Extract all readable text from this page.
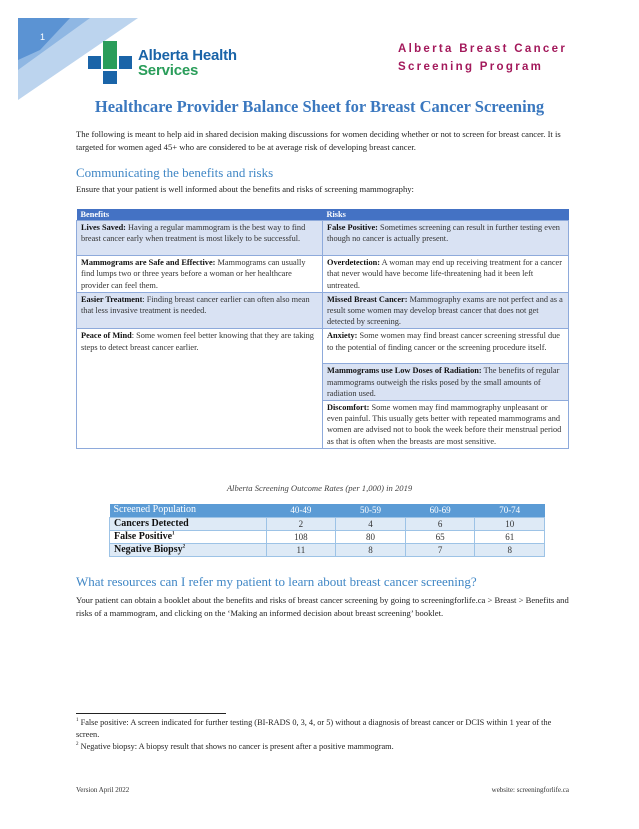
1
Alberta Health
Services
Alberta Breast Cancer
Screening Program
Healthcare Provider Balance Sheet for Breast Cancer Screening
The following is meant to help aid in shared decision making discussions for women deciding whether or not to screen for breast cancer. It is targeted for women aged 45+ who are considered to be at average risk of developing breast cancer.
Communicating the benefits and risks
Ensure that your patient is well informed about the benefits and risks of screening mammography:
Benefits	Risks
Lives Saved: Having a regular mammogram is the best way to find breast cancer early when treatment is most likely to be successful.	False Positive: Sometimes screening can result in further testing even though no cancer is actually present.
Mammograms are Safe and Effective: Mammograms can usually find lumps two or three years before a woman or her healthcare provider can feel them.	Overdetection: A woman may end up receiving treatment for a cancer that never would have become life-threatening had it been left untreated.
Easier Treatment: Finding breast cancer earlier can often also mean that less invasive treatment is needed.	Missed Breast Cancer: Mammography exams are not perfect and as a result some women may develop breast cancer that does not get detected by screening.
Peace of Mind: Some women feel better knowing that they are taking steps to detect breast cancer earlier.	Anxiety: Some women may find breast cancer screening stressful due to the potential of finding cancer or the screening procedure itself.
	Mammograms use Low Doses of Radiation: The benefits of regular mammograms outweigh the risks posed by the small amounts of radiation used.
	Discomfort: Some women may find mammography unpleasant or even painful. This usually gets better with repeated mammograms and women are advised not to book the week before their menstrual period as that is often when the breasts are most sensitive.
Alberta Screening Outcome Rates (per 1,000) in 2019
Screened Population	40-49	50-59	60-69	70-74
Cancers Detected	2	4	6	10
False Positive$^1$	108	80	65	61
Negative Biopsy$^2$	11	8	7	8
What resources can I refer my patient to learn about breast cancer screening?
Your patient can obtain a booklet about the benefits and risks of breast cancer screening by going to screeningforlife.ca > Breast > Benefits and risks of a mammogram, and clicking on the ‘Making an informed decision about breast screening’ booklet.
$^1$ False positive: A screen indicated for further testing (BI-RADS 0, 3, 4, or 5) without a diagnosis of breast cancer or DCIS within 1 year of the screen.
$^2$ Negative biopsy: A biopsy result that shows no cancer is present after a positive mammogram.
Version April 2022	website: screeningforlife.ca
